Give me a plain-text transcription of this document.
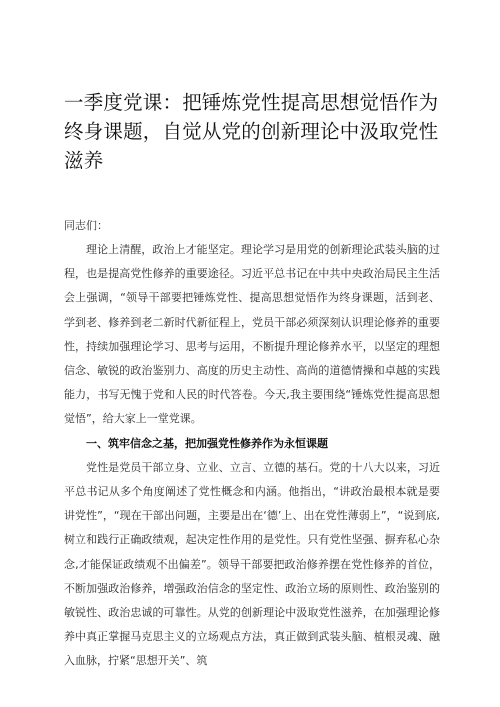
一季度党课：把锤炼党性提高思想觉悟作为终身课题，自觉从党的创新理论中汲取党性滋养
同志们：

理论上清醒，政治上才能坚定。理论学习是用党的创新理论武装头脑的过程，也是提高党性修养的重要途径。习近平总书记在中共中央政治局民主生活会上强调，“领导干部要把锤炼党性、提高思想觉悟作为终身课题，活到老、学到老、修养到老二新时代新征程上，党员干部必须深刻认识理论修养的重要性，持续加强理论学习、思考与运用，不断提升理论修养水平，以坚定的理想信念、敏锐的政治鉴别力、高度的历史主动性、高尚的道德情操和卓越的实践能力，书写无愧于党和人民的时代答卷。今天,我主要围绕“锤炼党性提高思想觉悟”，给大家上一堂党课。

一、筑牢信念之基，把加强党性修养作为永恒课题

党性是党员干部立身、立业、立言、立德的基石。党的十八大以来，习近平总书记从多个角度阐述了党性概念和内涵。他指出，“讲政治最根本就是要讲党性”，“现在干部出问题，主要是出在‘德’上、出在党性薄弱上”，“说到底,树立和践行正确政绩观，起决定性作用的是党性。只有党性坚强、摒弃私心杂念,才能保证政绩观不出偏差”。领导干部要把政治修养摆在党性修养的首位，不断加强政治修养，增强政治信念的坚定性、政治立场的原则性、政治鉴别的敏锐性、政治忠诚的可靠性。从党的创新理论中汲取党性滋养，在加强理论修养中真正掌握马克思主义的立场观点方法，真正做到武装头脑、植根灵魂、融入血脉，拧紧“思想开关”、筑
